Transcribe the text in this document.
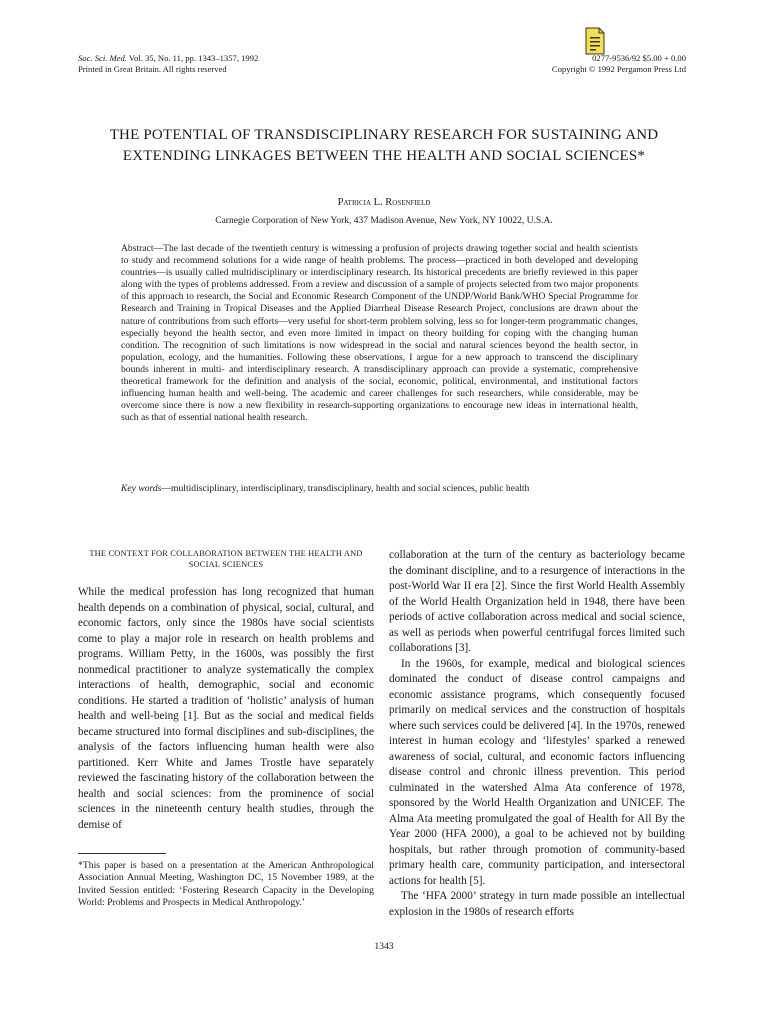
Soc. Sci. Med. Vol. 35, No. 11, pp. 1343–1357, 1992
Printed in Great Britain. All rights reserved
0277-9536/92 $5.00 + 0.00
Copyright © 1992 Pergamon Press Ltd
THE POTENTIAL OF TRANSDISCIPLINARY RESEARCH FOR SUSTAINING AND EXTENDING LINKAGES BETWEEN THE HEALTH AND SOCIAL SCIENCES*
Patricia L. Rosenfield
Carnegie Corporation of New York, 437 Madison Avenue, New York, NY 10022, U.S.A.

Abstract—The last decade of the twentieth century is witnessing a profusion of projects drawing together social and health scientists to study and recommend solutions for a wide range of health problems. The process—practiced in both developed and developing countries—is usually called multidisciplinary or interdisciplinary research. Its historical precedents are briefly reviewed in this paper along with the types of problems addressed. From a review and discussion of a sample of projects selected from two major proponents of this approach to research, the Social and Economic Research Component of the UNDP/World Bank/WHO Special Programme for Research and Training in Tropical Diseases and the Applied Diarrheal Disease Research Project, conclusions are drawn about the nature of contributions from such efforts—very useful for short-term problem solving, less so for longer-term programmatic changes, especially beyond the health sector, and even more limited in impact on theory building for coping with the changing human condition. The recognition of such limitations is now widespread in the social and natural sciences beyond the health sector, in population, ecology, and the humanities. Following these observations, I argue for a new approach to transcend the disciplinary bounds inherent in multi- and interdisciplinary research. A transdisciplinary approach can provide a systematic, comprehensive theoretical framework for the definition and analysis of the social, economic, political, environmental, and institutional factors influencing human health and well-being. The academic and career challenges for such researchers, while considerable, may be overcome since there is now a new flexibility in research-supporting organizations to encourage new ideas in international health, such as that of essential national health research.

Key words—multidisciplinary, interdisciplinary, transdisciplinary, health and social sciences, public health

THE CONTEXT FOR COLLABORATION BETWEEN THE HEALTH AND SOCIAL SCIENCES

While the medical profession has long recognized that human health depends on a combination of physical, social, cultural, and economic factors, only since the 1980s have social scientists come to play a major role in research on health problems and programs. William Petty, in the 1600s, was possibly the first nonmedical practitioner to analyze systematically the complex interactions of health, demographic, social and economic conditions. He started a tradition of ‘holistic’ analysis of human health and well-being [1]. But as the social and medical fields became structured into formal disciplines and sub-disciplines, the analysis of the factors influencing human health were also partitioned. Kerr White and James Trostle have separately reviewed the fascinating history of the collaboration between the health and social sciences: from the prominence of social sciences in the nineteenth century health studies, through the demise of

collaboration at the turn of the century as bacteriology became the dominant discipline, and to a resurgence of interactions in the post-World War II era [2]. Since the first World Health Assembly of the World Health Organization held in 1948, there have been periods of active collaboration across medical and social science, as well as periods when powerful centrifugal forces limited such collaborations [3].

In the 1960s, for example, medical and biological sciences dominated the conduct of disease control campaigns and economic assistance programs, which consequently focused primarily on medical services and the construction of hospitals where such services could be delivered [4]. In the 1970s, renewed interest in human ecology and ‘lifestyles’ sparked a renewed awareness of social, cultural, and economic factors influencing disease control and chronic illness prevention. This period culminated in the watershed Alma Ata conference of 1978, sponsored by the World Health Organization and UNICEF. The Alma Ata meeting promulgated the goal of Health for All By the Year 2000 (HFA 2000), a goal to be achieved not by building hospitals, but rather through promotion of community-based primary health care, community participation, and intersectoral actions for health [5].

The ‘HFA 2000’ strategy in turn made possible an intellectual explosion in the 1980s of research efforts

*This paper is based on a presentation at the American Anthropological Association Annual Meeting, Washington DC, 15 November 1989, at the Invited Session entitled: ‘Fostering Research Capacity in the Developing World: Problems and Prospects in Medical Anthropology.’

1343
